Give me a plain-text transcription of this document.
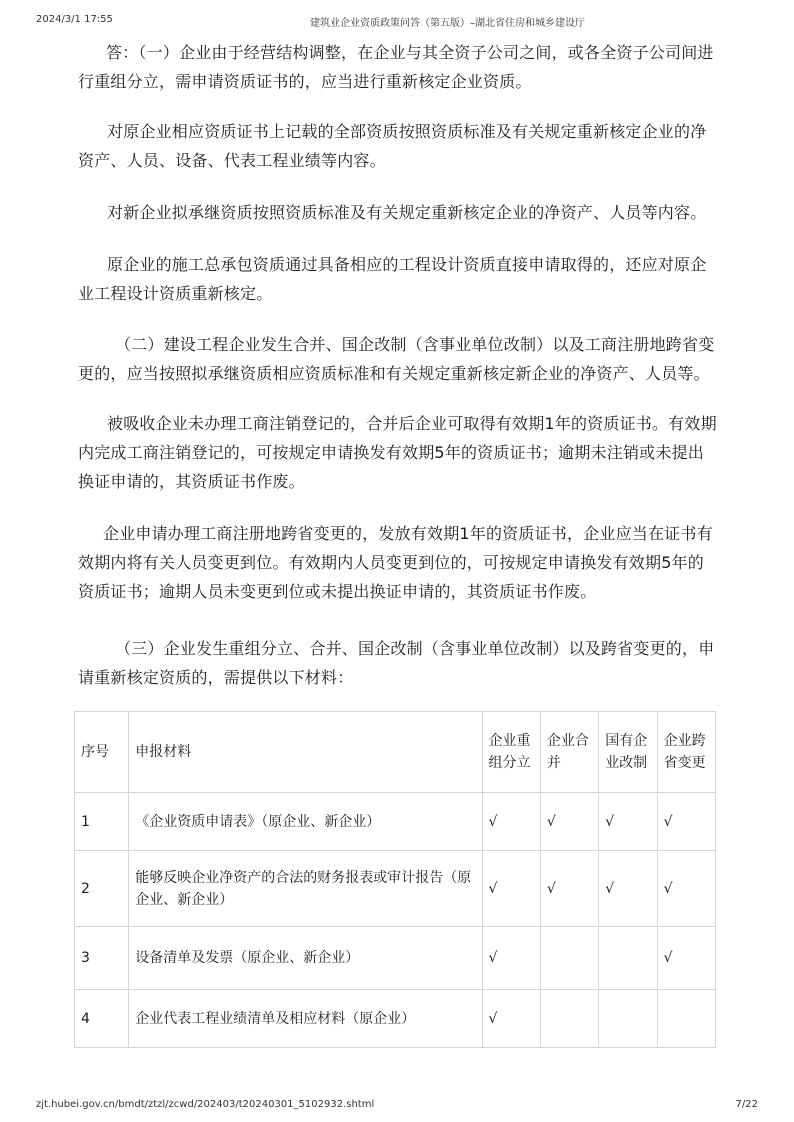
2024/3/1 17:55	建筑业企业资质政策问答（第五版）–湖北省住房和城乡建设厅

答：（一）企业由于经营结构调整，在企业与其全资子公司之间，或各全资子公司间进行重组分立，需申请资质证书的，应当进行重新核定企业资质。

对原企业相应资质证书上记载的全部资质按照资质标准及有关规定重新核定企业的净资产、人员、设备、代表工程业绩等内容。

对新企业拟承继资质按照资质标准及有关规定重新核定企业的净资产、人员等内容。

原企业的施工总承包资质通过具备相应的工程设计资质直接申请取得的，还应对原企业工程设计资质重新核定。

（二）建设工程企业发生合并、国企改制（含事业单位改制）以及工商注册地跨省变更的，应当按照拟承继资质相应资质标准和有关规定重新核定新企业的净资产、人员等。

被吸收企业未办理工商注销登记的，合并后企业可取得有效期1年的资质证书。有效期内完成工商注销登记的，可按规定申请换发有效期5年的资质证书；逾期未注销或未提出换证申请的，其资质证书作废。

企业申请办理工商注册地跨省变更的，发放有效期1年的资质证书，企业应当在证书有效期内将有关人员变更到位。有效期内人员变更到位的，可按规定申请换发有效期5年的资质证书；逾期人员未变更到位或未提出换证申请的，其资质证书作废。

（三）企业发生重组分立、合并、国企改制（含事业单位改制）以及跨省变更的，申请重新核定资质的，需提供以下材料：

序号	申报材料	企业重组分立	企业合并	国有企业改制	企业跨省变更
1	《企业资质申请表》（原企业、新企业）	√	√	√	√
2	能够反映企业净资产的合法的财务报表或审计报告（原企业、新企业）	√	√	√	√
3	设备清单及发票（原企业、新企业）	√			√
4	企业代表工程业绩清单及相应材料（原企业）	√			
zjt.hubei.gov.cn/bmdt/ztzl/zcwd/202403/t20240301_5102932.shtml	7/22
